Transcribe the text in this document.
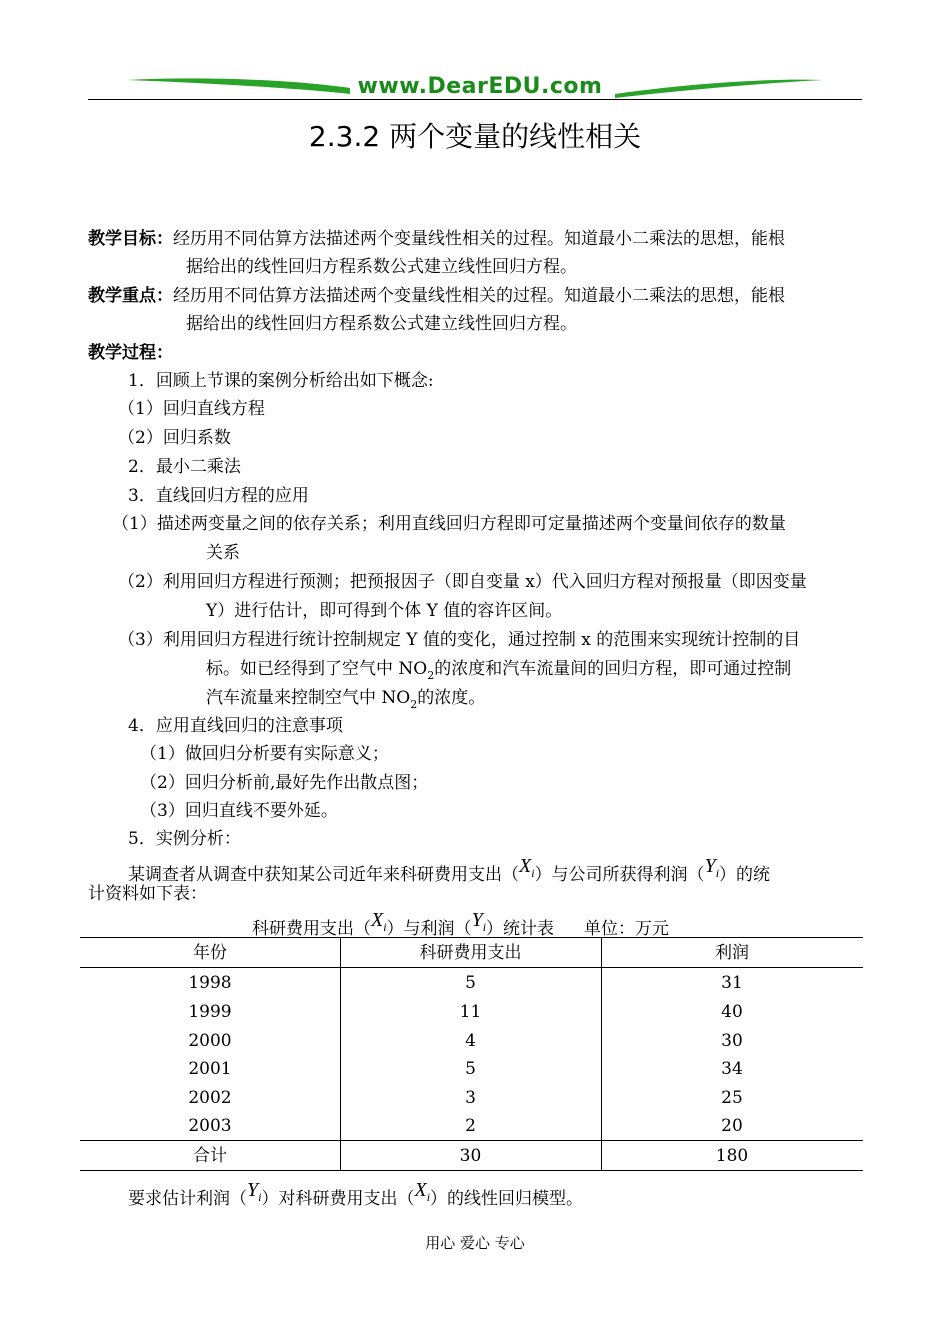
www.DearEDU.com
2.3.2 两个变量的线性相关
教学目标：经历用不同估算方法描述两个变量线性相关的过程。知道最小二乘法的思想，能根
据给出的线性回归方程系数公式建立线性回归方程。
教学重点：经历用不同估算方法描述两个变量线性相关的过程。知道最小二乘法的思想，能根
据给出的线性回归方程系数公式建立线性回归方程。
教学过程：
1．回顾上节课的案例分析给出如下概念:
（1）回归直线方程
（2）回归系数
2．最小二乘法
3．直线回归方程的应用
（1）描述两变量之间的依存关系；利用直线回归方程即可定量描述两个变量间依存的数量
关系
（2）利用回归方程进行预测；把预报因子（即自变量 x）代入回归方程对预报量（即因变量
Y）进行估计，即可得到个体 Y 值的容许区间。
（3）利用回归方程进行统计控制规定 Y 值的变化，通过控制 x 的范围来实现统计控制的目
标。如已经得到了空气中 $NO_2$的浓度和汽车流量间的回归方程，即可通过控制
汽车流量来控制空气中 $NO_2$的浓度。
4．应用直线回归的注意事项
（1）做回归分析要有实际意义；
（2）回归分析前,最好先作出散点图；
（3）回归直线不要外延。
5．实例分析：
某调查者从调查中获知某公司近年来科研费用支出（Xi）与公司所获得利润（Yi）的统
计资料如下表：
科研费用支出（Xi）与利润（Yi）统计表 单位：万元
年份	科研费用支出	利润
1998	5	31
1999	11	40
2000	4	30
2001	5	34
2002	3	25
2003	2	20
合计	30	180
要求估计利润（Yi）对科研费用支出（Xi）的线性回归模型。
用心 爱心 专心
